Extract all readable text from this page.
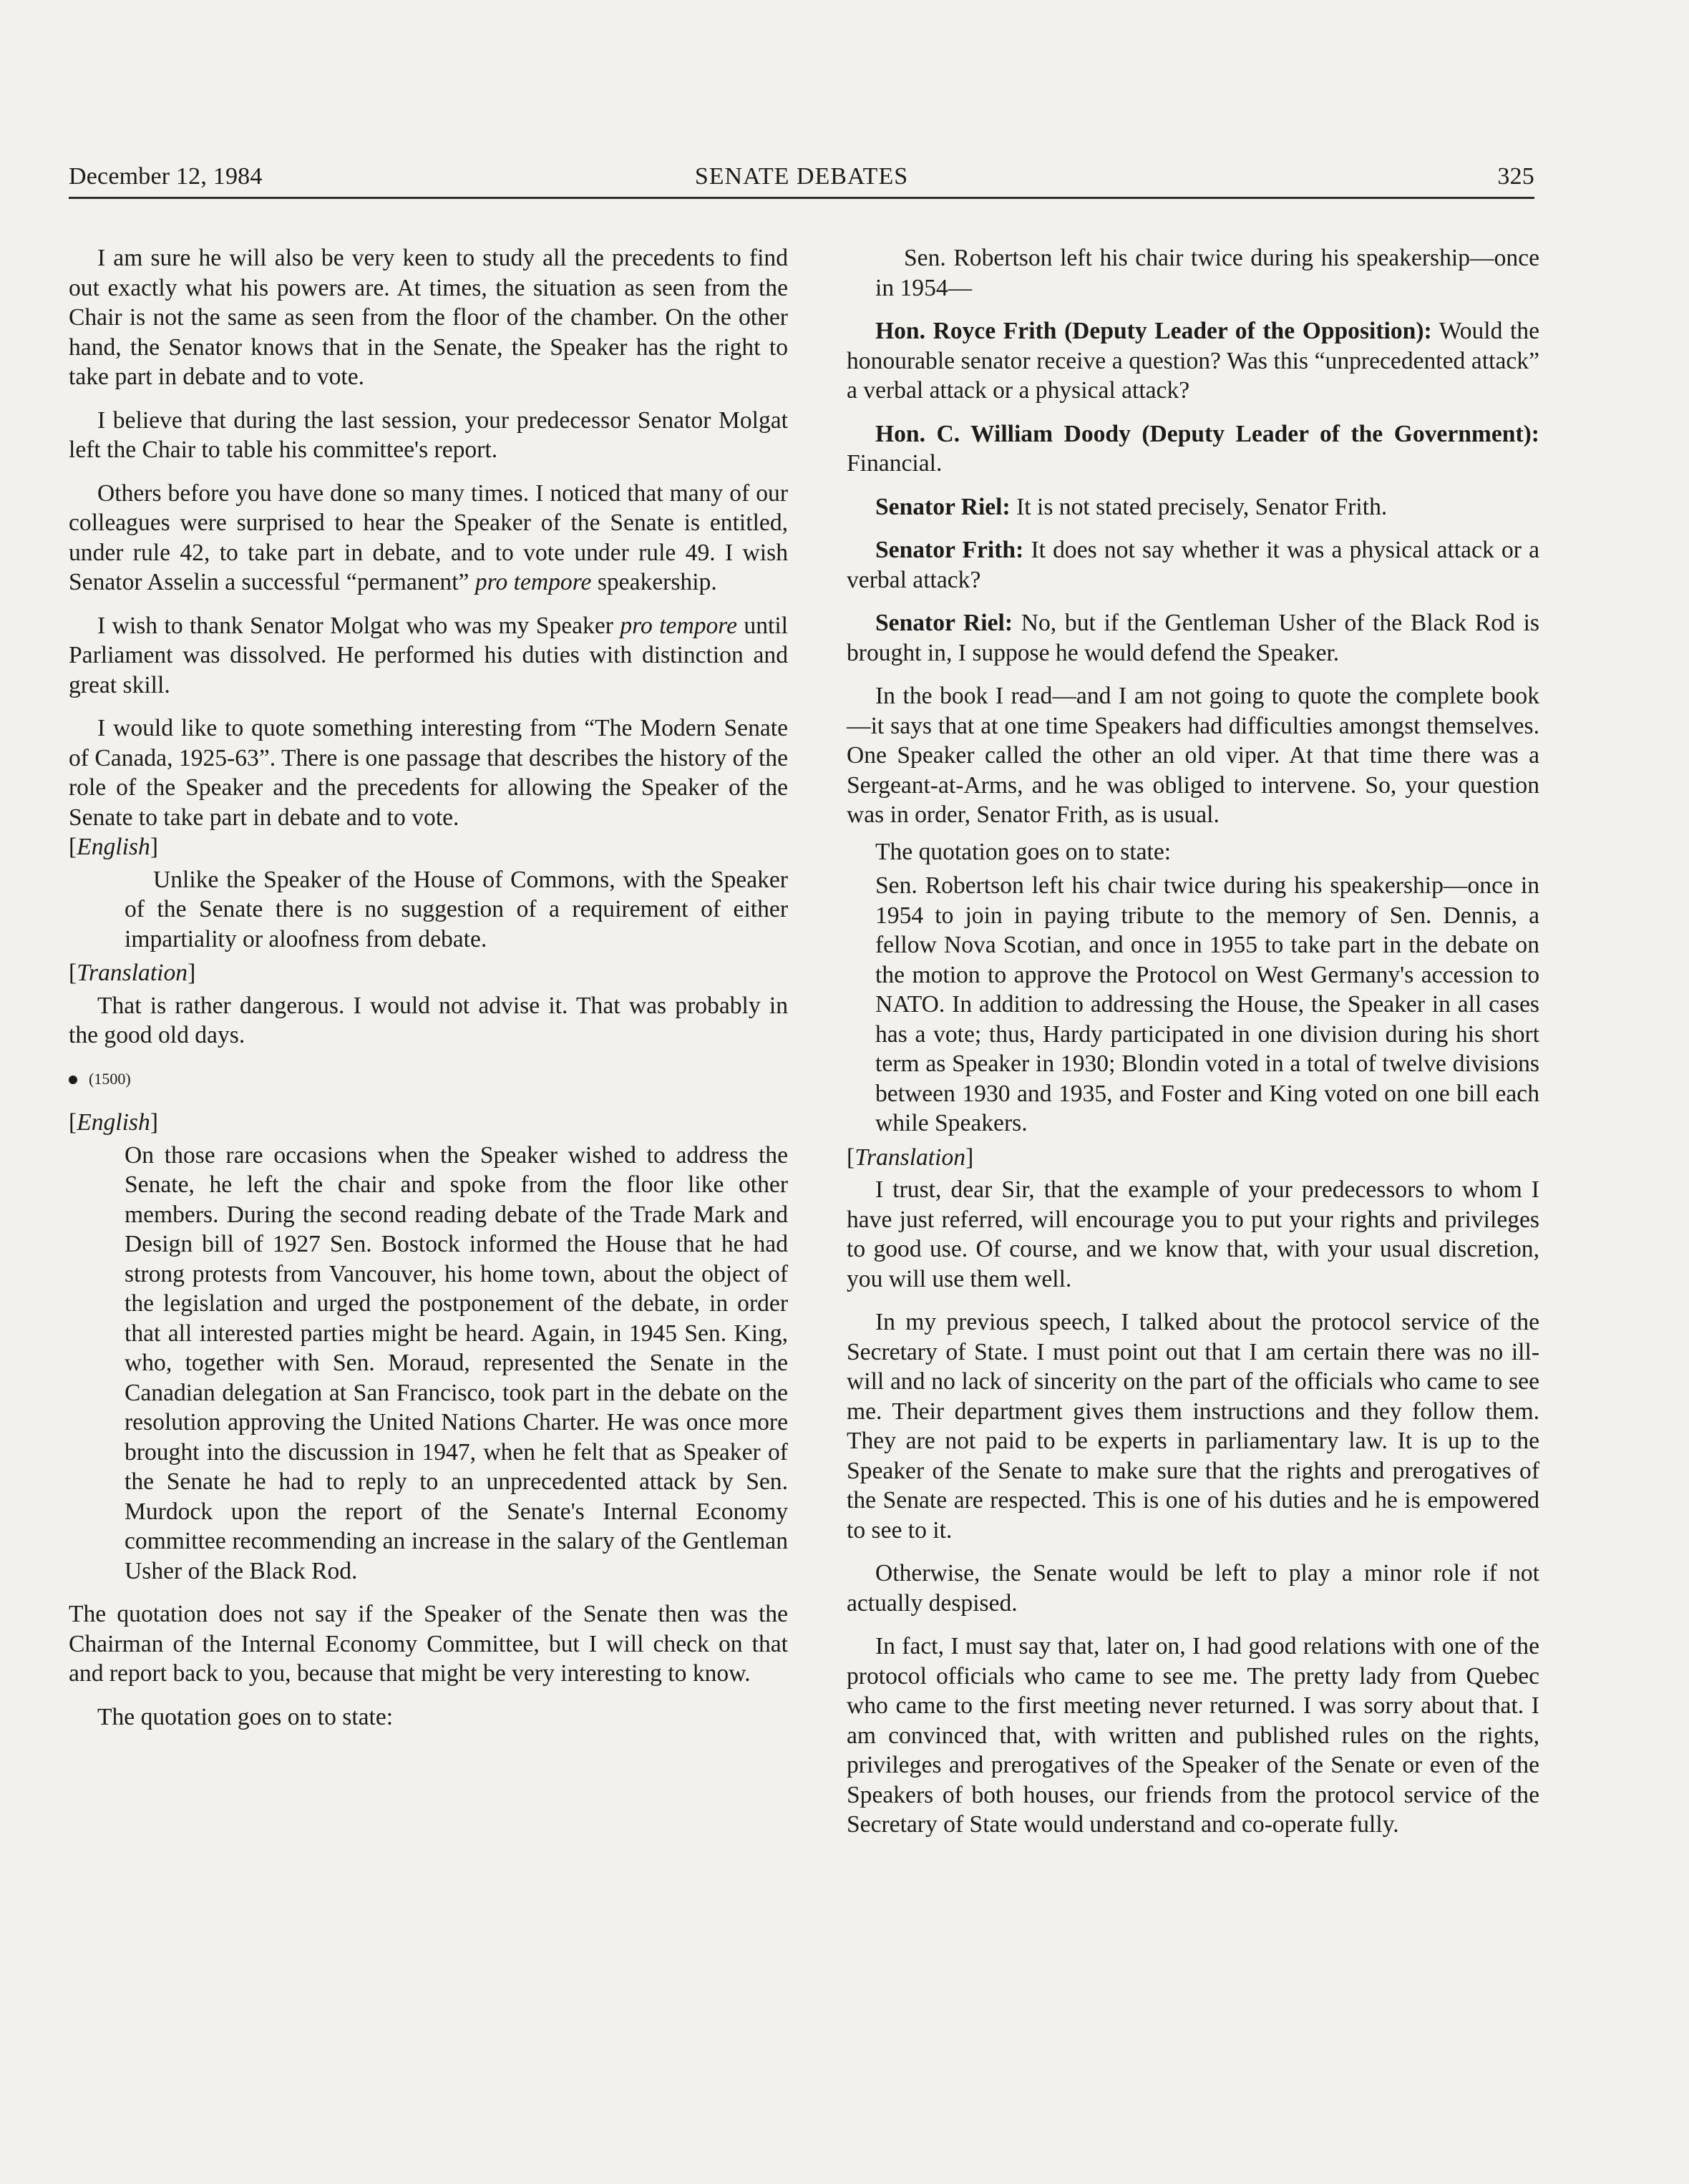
December 12, 1984	SENATE DEBATES	325

I am sure he will also be very keen to study all the precedents to find out exactly what his powers are. At times, the situation as seen from the Chair is not the same as seen from the floor of the chamber. On the other hand, the Senator knows that in the Senate, the Speaker has the right to take part in debate and to vote.

I believe that during the last session, your predecessor Senator Molgat left the Chair to table his committee's report.

Others before you have done so many times. I noticed that many of our colleagues were surprised to hear the Speaker of the Senate is entitled, under rule 42, to take part in debate, and to vote under rule 49. I wish Senator Asselin a successful “permanent” pro tempore speakership.

I wish to thank Senator Molgat who was my Speaker pro tempore until Parliament was dissolved. He performed his duties with distinction and great skill.

I would like to quote something interesting from “The Modern Senate of Canada, 1925-63”. There is one passage that describes the history of the role of the Speaker and the precedents for allowing the Speaker of the Senate to take part in debate and to vote.

[English]

Unlike the Speaker of the House of Commons, with the Speaker of the Senate there is no suggestion of a requirement of either impartiality or aloofness from debate.

[Translation]

That is rather dangerous. I would not advise it. That was probably in the good old days.

(1500)

[English]

On those rare occasions when the Speaker wished to address the Senate, he left the chair and spoke from the floor like other members. During the second reading debate of the Trade Mark and Design bill of 1927 Sen. Bostock informed the House that he had strong protests from Vancouver, his home town, about the object of the legislation and urged the postponement of the debate, in order that all interested parties might be heard. Again, in 1945 Sen. King, who, together with Sen. Moraud, represented the Senate in the Canadian delegation at San Francisco, took part in the debate on the resolution approving the United Nations Charter. He was once more brought into the discussion in 1947, when he felt that as Speaker of the Senate he had to reply to an unprecedented attack by Sen. Murdock upon the report of the Senate's Internal Economy committee recommending an increase in the salary of the Gentleman Usher of the Black Rod.

The quotation does not say if the Speaker of the Senate then was the Chairman of the Internal Economy Committee, but I will check on that and report back to you, because that might be very interesting to know.

The quotation goes on to state:

Sen. Robertson left his chair twice during his speakership—once in 1954—

Hon. Royce Frith (Deputy Leader of the Opposition): Would the honourable senator receive a question? Was this “unprecedented attack” a verbal attack or a physical attack?

Hon. C. William Doody (Deputy Leader of the Government): Financial.

Senator Riel: It is not stated precisely, Senator Frith.

Senator Frith: It does not say whether it was a physical attack or a verbal attack?

Senator Riel: No, but if the Gentleman Usher of the Black Rod is brought in, I suppose he would defend the Speaker.

In the book I read—and I am not going to quote the complete book—it says that at one time Speakers had difficulties amongst themselves. One Speaker called the other an old viper. At that time there was a Sergeant-at-Arms, and he was obliged to intervene. So, your question was in order, Senator Frith, as is usual.

The quotation goes on to state:

Sen. Robertson left his chair twice during his speakership—once in 1954 to join in paying tribute to the memory of Sen. Dennis, a fellow Nova Scotian, and once in 1955 to take part in the debate on the motion to approve the Protocol on West Germany's accession to NATO. In addition to addressing the House, the Speaker in all cases has a vote; thus, Hardy participated in one division during his short term as Speaker in 1930; Blondin voted in a total of twelve divisions between 1930 and 1935, and Foster and King voted on one bill each while Speakers.

[Translation]

I trust, dear Sir, that the example of your predecessors to whom I have just referred, will encourage you to put your rights and privileges to good use. Of course, and we know that, with your usual discretion, you will use them well.

In my previous speech, I talked about the protocol service of the Secretary of State. I must point out that I am certain there was no ill-will and no lack of sincerity on the part of the officials who came to see me. Their department gives them instructions and they follow them. They are not paid to be experts in parliamentary law. It is up to the Speaker of the Senate to make sure that the rights and prerogatives of the Senate are respected. This is one of his duties and he is empowered to see to it.

Otherwise, the Senate would be left to play a minor role if not actually despised.

In fact, I must say that, later on, I had good relations with one of the protocol officials who came to see me. The pretty lady from Quebec who came to the first meeting never returned. I was sorry about that. I am convinced that, with written and published rules on the rights, privileges and prerogatives of the Speaker of the Senate or even of the Speakers of both houses, our friends from the protocol service of the Secretary of State would understand and co-operate fully.
